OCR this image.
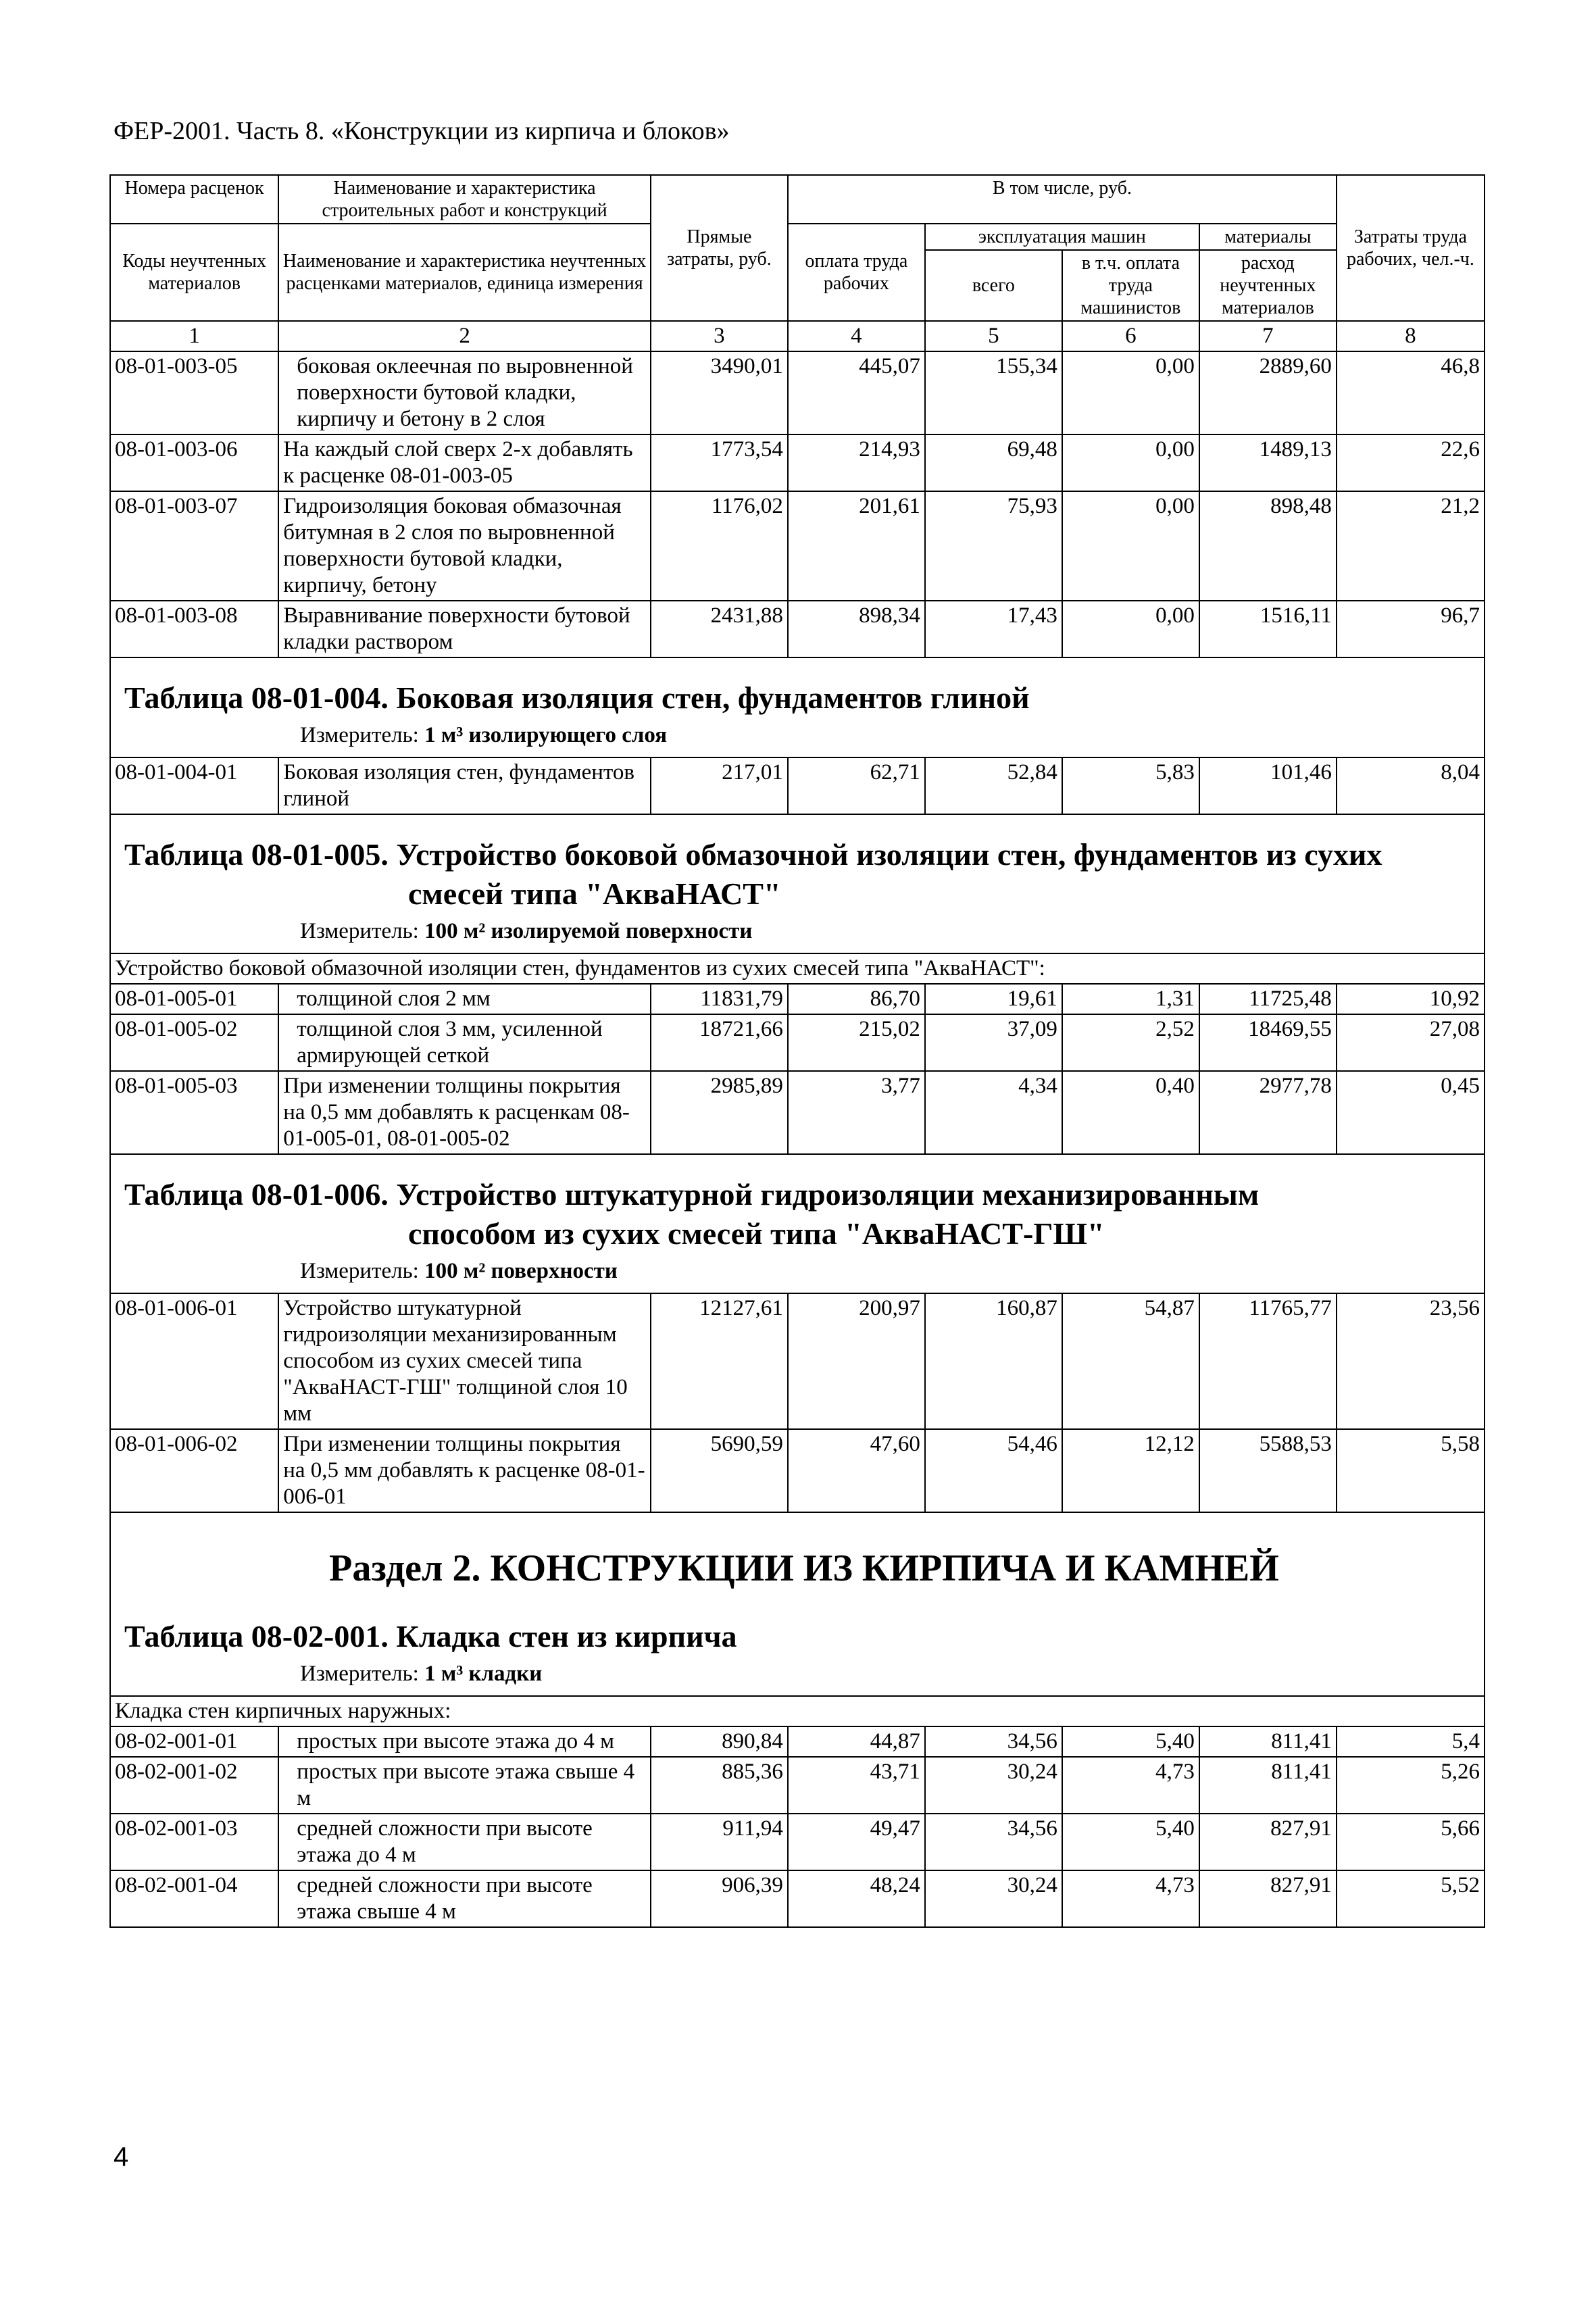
ФЕР-2001. Часть 8. «Конструкции из кирпича и блоков»
Номера расценок	Наименование и характеристика строительных работ и конструкций	Прямые затраты, руб.	В том числе, руб.				Затраты труда рабочих, чел.-ч.
Коды неучтенных материалов	Наименование и характеристика неучтенных расценками материалов, единица измерения		оплата труда рабочих	эксплуатация машин		материалы	
				всего	в т.ч. оплата труда машинистов	расход неучтенных материалов	

1	2	3	4	5	6	7	8
08-01-003-05	боковая оклеечная по выровненной поверхности бутовой кладки, кирпичу и бетону в 2 слоя	3490,01	445,07	155,34	0,00	2889,60	46,8
08-01-003-06	На каждый слой сверх 2-х добавлять к расценке 08-01-003-05	1773,54	214,93	69,48	0,00	1489,13	22,6
08-01-003-07	Гидроизоляция боковая обмазочная битумная в 2 слоя по выровненной поверхности бутовой кладки, кирпичу, бетону	1176,02	201,61	75,93	0,00	898,48	21,2
08-01-003-08	Выравнивание поверхности бутовой кладки раствором	2431,88	898,34	17,43	0,00	1516,11	96,7

Таблица 08-01-004. Боковая изоляция стен, фундаментов глиной

Измеритель: 1 м³ изолирующего слоя
08-01-004-01	Боковая изоляция стен, фундаментов глиной	217,01	62,71	52,84	5,83	101,46	8,04

Таблица 08-01-005. Устройство боковой обмазочной изоляции стен, фундаментов из сухих
смесей типа "АкваНАСТ"

Измеритель: 100 м² изолируемой поверхности
Устройство боковой обмазочной изоляции стен, фундаментов из сухих смесей типа "АкваНАСТ":							
08-01-005-01	толщиной слоя 2 мм	11831,79	86,70	19,61	1,31	11725,48	10,92
08-01-005-02	толщиной слоя 3 мм, усиленной армирующей сеткой	18721,66	215,02	37,09	2,52	18469,55	27,08
08-01-005-03	При изменении толщины покрытия на 0,5 мм добавлять к расценкам 08-01-005-01, 08-01-005-02	2985,89	3,77	4,34	0,40	2977,78	0,45

Таблица 08-01-006. Устройство штукатурной гидроизоляции механизированным
способом из сухих смесей типа "АкваНАСТ-ГШ"

Измеритель: 100 м² поверхности
08-01-006-01	Устройство штукатурной гидроизоляции механизированным способом из сухих смесей типа "АкваНАСТ-ГШ" толщиной слоя 10 мм	12127,61	200,97	160,87	54,87	11765,77	23,56
08-01-006-02	При изменении толщины покрытия на 0,5 мм добавлять к расценке 08-01-006-01	5690,59	47,60	54,46	12,12	5588,53	5,58
Раздел 2. КОНСТРУКЦИИ ИЗ КИРПИЧА И КАМНЕЙ

Таблица 08-02-001. Кладка стен из кирпича

Измеритель: 1 м³ кладки
Кладка стен кирпичных наружных:							
08-02-001-01	простых при высоте этажа до 4 м	890,84	44,87	34,56	5,40	811,41	5,4
08-02-001-02	простых при высоте этажа свыше 4 м	885,36	43,71	30,24	4,73	811,41	5,26
08-02-001-03	средней сложности при высоте этажа до 4 м	911,94	49,47	34,56	5,40	827,91	5,66
08-02-001-04	средней сложности при высоте этажа свыше 4 м	906,39	48,24	30,24	4,73	827,91	5,52
4
